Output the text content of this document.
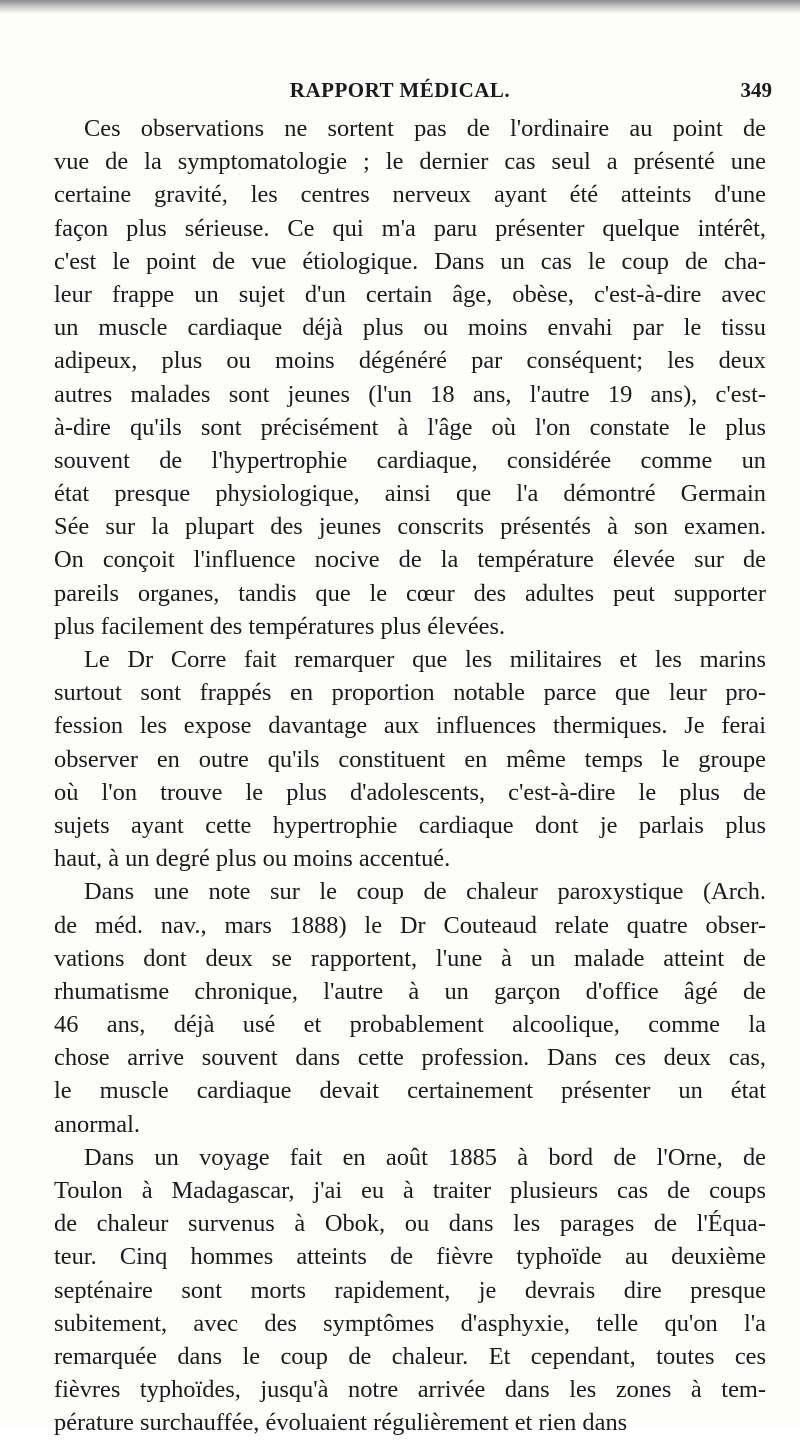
RAPPORT MÉDICAL.	349
Ces observations ne sortent pas de l'ordinaire au point de
vue de la symptomatologie ; le dernier cas seul a présenté une
certaine gravité, les centres nerveux ayant été atteints d'une
façon plus sérieuse. Ce qui m'a paru présenter quelque intérêt,
c'est le point de vue étiologique. Dans un cas le coup de cha-
leur frappe un sujet d'un certain âge, obèse, c'est-à-dire avec
un muscle cardiaque déjà plus ou moins envahi par le tissu
adipeux, plus ou moins dégénéré par conséquent; les deux
autres malades sont jeunes (l'un 18 ans, l'autre 19 ans), c'est-
à-dire qu'ils sont précisément à l'âge où l'on constate le plus
souvent de l'hypertrophie cardiaque, considérée comme un
état presque physiologique, ainsi que l'a démontré Germain
Sée sur la plupart des jeunes conscrits présentés à son examen.
On conçoit l'influence nocive de la température élevée sur de
pareils organes, tandis que le cœur des adultes peut supporter
plus facilement des températures plus élevées.
Le Dr Corre fait remarquer que les militaires et les marins
surtout sont frappés en proportion notable parce que leur pro-
fession les expose davantage aux influences thermiques. Je ferai
observer en outre qu'ils constituent en même temps le groupe
où l'on trouve le plus d'adolescents, c'est-à-dire le plus de
sujets ayant cette hypertrophie cardiaque dont je parlais plus
haut, à un degré plus ou moins accentué.
Dans une note sur le coup de chaleur paroxystique (Arch.
de méd. nav., mars 1888) le Dr Couteaud relate quatre obser-
vations dont deux se rapportent, l'une à un malade atteint de
rhumatisme chronique, l'autre à un garçon d'office âgé de
46 ans, déjà usé et probablement alcoolique, comme la
chose arrive souvent dans cette profession. Dans ces deux cas,
le muscle cardiaque devait certainement présenter un état
anormal.
Dans un voyage fait en août 1885 à bord de l'Orne, de
Toulon à Madagascar, j'ai eu à traiter plusieurs cas de coups
de chaleur survenus à Obok, ou dans les parages de l'Équa-
teur. Cinq hommes atteints de fièvre typhoïde au deuxième
septénaire sont morts rapidement, je devrais dire presque
subitement, avec des symptômes d'asphyxie, telle qu'on l'a
remarquée dans le coup de chaleur. Et cependant, toutes ces
fièvres typhoïdes, jusqu'à notre arrivée dans les zones à tem-
pérature surchauffée, évoluaient régulièrement et rien dans
